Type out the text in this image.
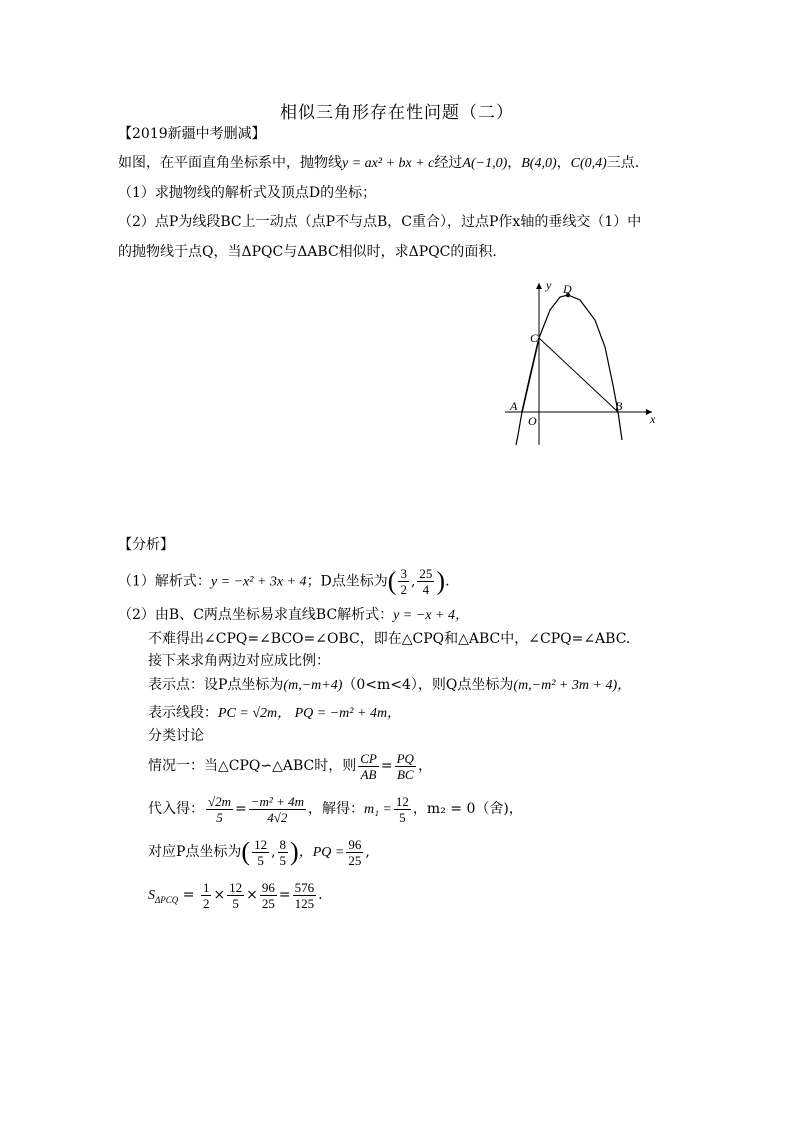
相似三角形存在性问题（二）
【2019新疆中考删减】
如图，在平面直角坐标系中，抛物线y = ax² + bx + c经过A(−1,0)，B(4,0)，C(0,4)三点.
（1）求抛物线的解析式及顶点D的坐标；
（2）点P为线段BC上一动点（点P不与点B，C重合），过点P作x轴的垂线交（1）中
的抛物线于点Q，当ΔPQC与ΔABC相似时，求ΔPQC的面积.
y
x
D
C
A
O
B
【分析】
（1）解析式：y = −x² + 3x + 4；D点坐标为( $\frac{3}{2}$ , $\frac{25}{4}$ ).
（2）由B、C两点坐标易求直线BC解析式：y = −x + 4，
不难得出∠CPQ=∠BCO=∠OBC，即在△CPQ和△ABC中，∠CPQ=∠ABC.
接下来求角两边对应成比例：
表示点：设P点坐标为(m,−m+4)（0<m<4），则Q点坐标为(m,−m² + 3m + 4)，
表示线段：PC = √2m， PQ = −m² + 4m，
分类讨论
情况一：当△CPQ∽△ABC时，则 $\frac{CP}{AB} = \frac{PQ}{BC}$ ，
代入得： $\frac{√2m}{5} = \frac{\text{−m² + 4m}}{4√2}$ ，解得：$m_1 = \frac{12}{5}$ ，m₂ = 0（舍)，
对应P点坐标为( $\frac{12}{5}$ , $\frac{8}{5}$ )，PQ = $\frac{96}{25}$ ,
$S_{\Delta PCQ} = \frac{1}{2} \times \frac{12}{5} \times \frac{96}{25} = \frac{576}{125}$ .
